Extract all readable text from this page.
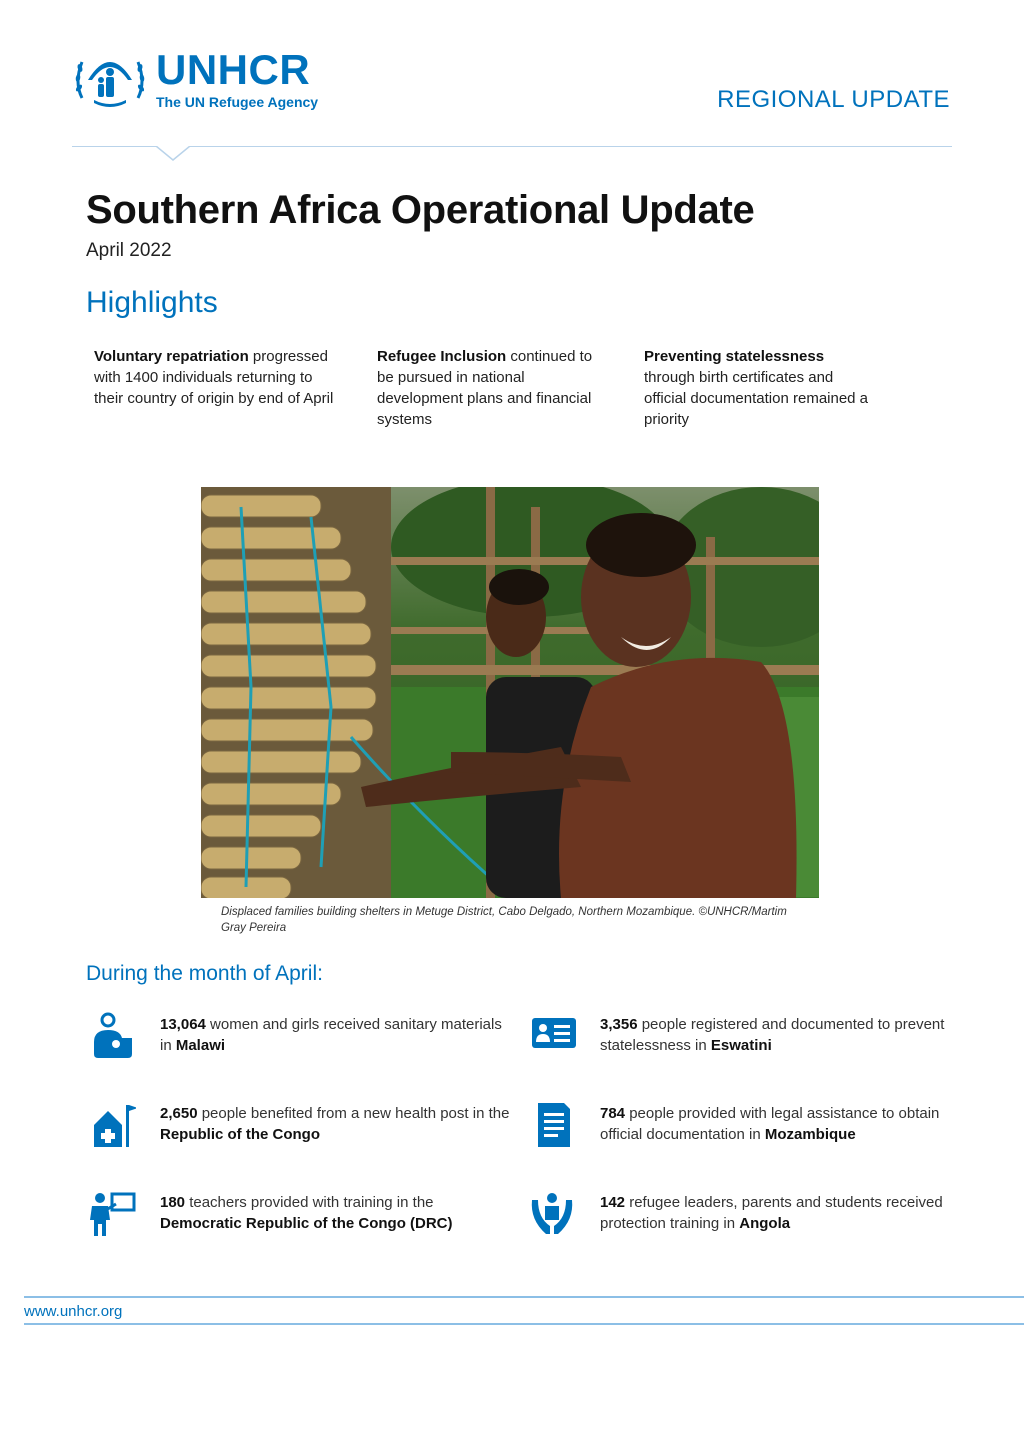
UNHCR
The UN Refugee Agency	REGIONAL UPDATE
Southern Africa Operational Update
April 2022
Highlights
Voluntary repatriation progressed with 1400 individuals returning to their country of origin by end of April
Refugee Inclusion continued to be pursued in national development plans and financial systems
Preventing statelessness through birth certificates and official documentation remained a priority
Displaced families building shelters in Metuge District, Cabo Delgado, Northern Mozambique. ©UNHCR/Martim Gray Pereira
During the month of April:
13,064 women and girls received sanitary materials in Malawi
3,356 people registered and documented to prevent statelessness in Eswatini
2,650 people benefited from a new health post in the Republic of the Congo
784 people provided with legal assistance to obtain official documentation in Mozambique
180 teachers provided with training in the Democratic Republic of the Congo (DRC)
142 refugee leaders, parents and students received protection training in Angola
www.unhcr.org
